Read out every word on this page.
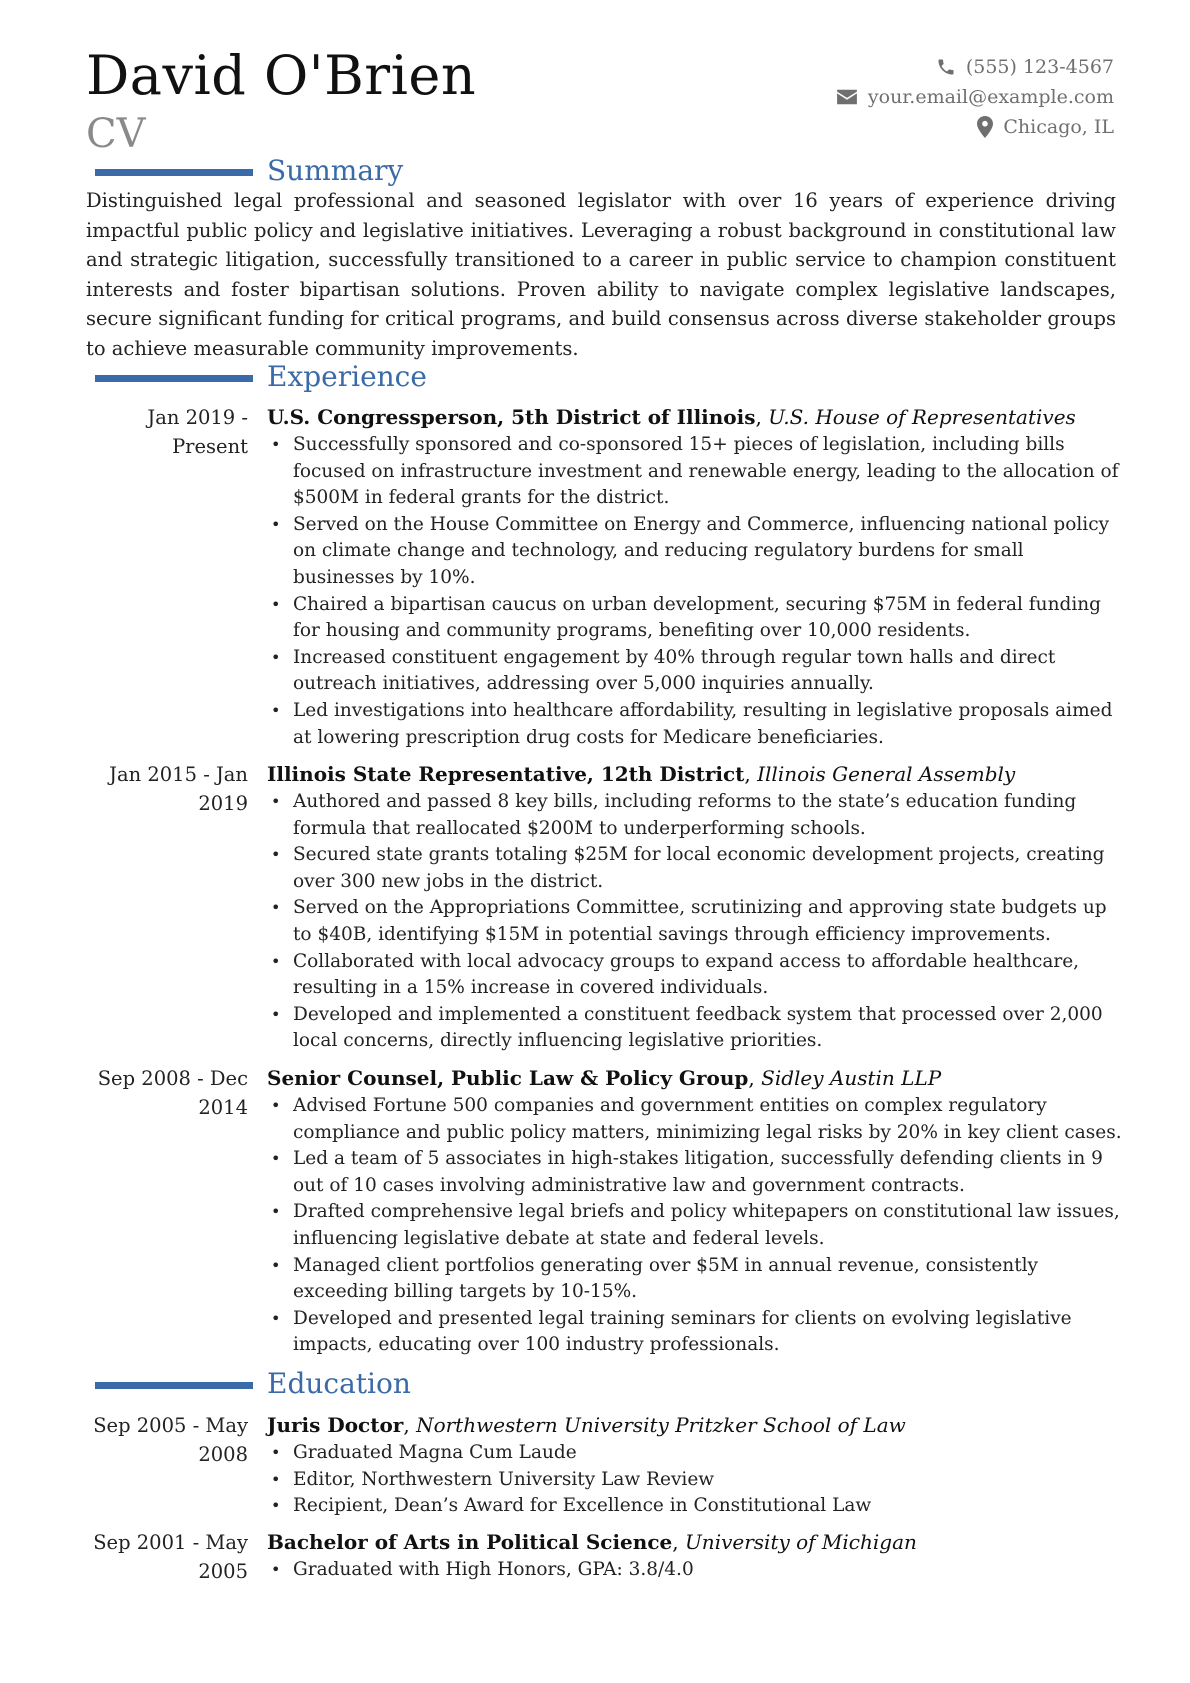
David O'Brien
CV
(555) 123-4567
your.email@example.com
Chicago, IL
Summary
Distinguished legal professional and seasoned legislator with over 16 years of experience driving impactful public policy and legislative initiatives. Leveraging a robust background in constitutional law and strategic litigation, successfully transitioned to a career in public service to champion constituent interests and foster bipartisan solutions. Proven ability to navigate complex legislative landscapes, secure significant funding for critical programs, and build consensus across diverse stakeholder groups to achieve measurable community improvements.
Experience
Jan 2019 - Present
U.S. Congressperson, 5th District of Illinois, U.S. House of Representatives
• Successfully sponsored and co-sponsored 15+ pieces of legislation, including bills focused on infrastructure investment and renewable energy, leading to the allocation of $500M in federal grants for the district.
• Served on the House Committee on Energy and Commerce, influencing national policy on climate change and technology, and reducing regulatory burdens for small businesses by 10%.
• Chaired a bipartisan caucus on urban development, securing $75M in federal funding for housing and community programs, benefiting over 10,000 residents.
• Increased constituent engagement by 40% through regular town halls and direct outreach initiatives, addressing over 5,000 inquiries annually.
• Led investigations into healthcare affordability, resulting in legislative proposals aimed at lowering prescription drug costs for Medicare beneficiaries.
Jan 2015 - Jan 2019
Illinois State Representative, 12th District, Illinois General Assembly
• Authored and passed 8 key bills, including reforms to the state’s education funding formula that reallocated $200M to underperforming schools.
• Secured state grants totaling $25M for local economic development projects, creating over 300 new jobs in the district.
• Served on the Appropriations Committee, scrutinizing and approving state budgets up to $40B, identifying $15M in potential savings through efficiency improvements.
• Collaborated with local advocacy groups to expand access to affordable healthcare, resulting in a 15% increase in covered individuals.
• Developed and implemented a constituent feedback system that processed over 2,000 local concerns, directly influencing legislative priorities.
Sep 2008 - Dec 2014
Senior Counsel, Public Law & Policy Group, Sidley Austin LLP
• Advised Fortune 500 companies and government entities on complex regulatory compliance and public policy matters, minimizing legal risks by 20% in key client cases.
• Led a team of 5 associates in high-stakes litigation, successfully defending clients in 9 out of 10 cases involving administrative law and government contracts.
• Drafted comprehensive legal briefs and policy whitepapers on constitutional law issues, influencing legislative debate at state and federal levels.
• Managed client portfolios generating over $5M in annual revenue, consistently exceeding billing targets by 10-15%.
• Developed and presented legal training seminars for clients on evolving legislative impacts, educating over 100 industry professionals.
Education
Sep 2005 - May 2008
Juris Doctor, Northwestern University Pritzker School of Law
• Graduated Magna Cum Laude
• Editor, Northwestern University Law Review
• Recipient, Dean’s Award for Excellence in Constitutional Law
Sep 2001 - May 2005
Bachelor of Arts in Political Science, University of Michigan
• Graduated with High Honors, GPA: 3.8/4.0
